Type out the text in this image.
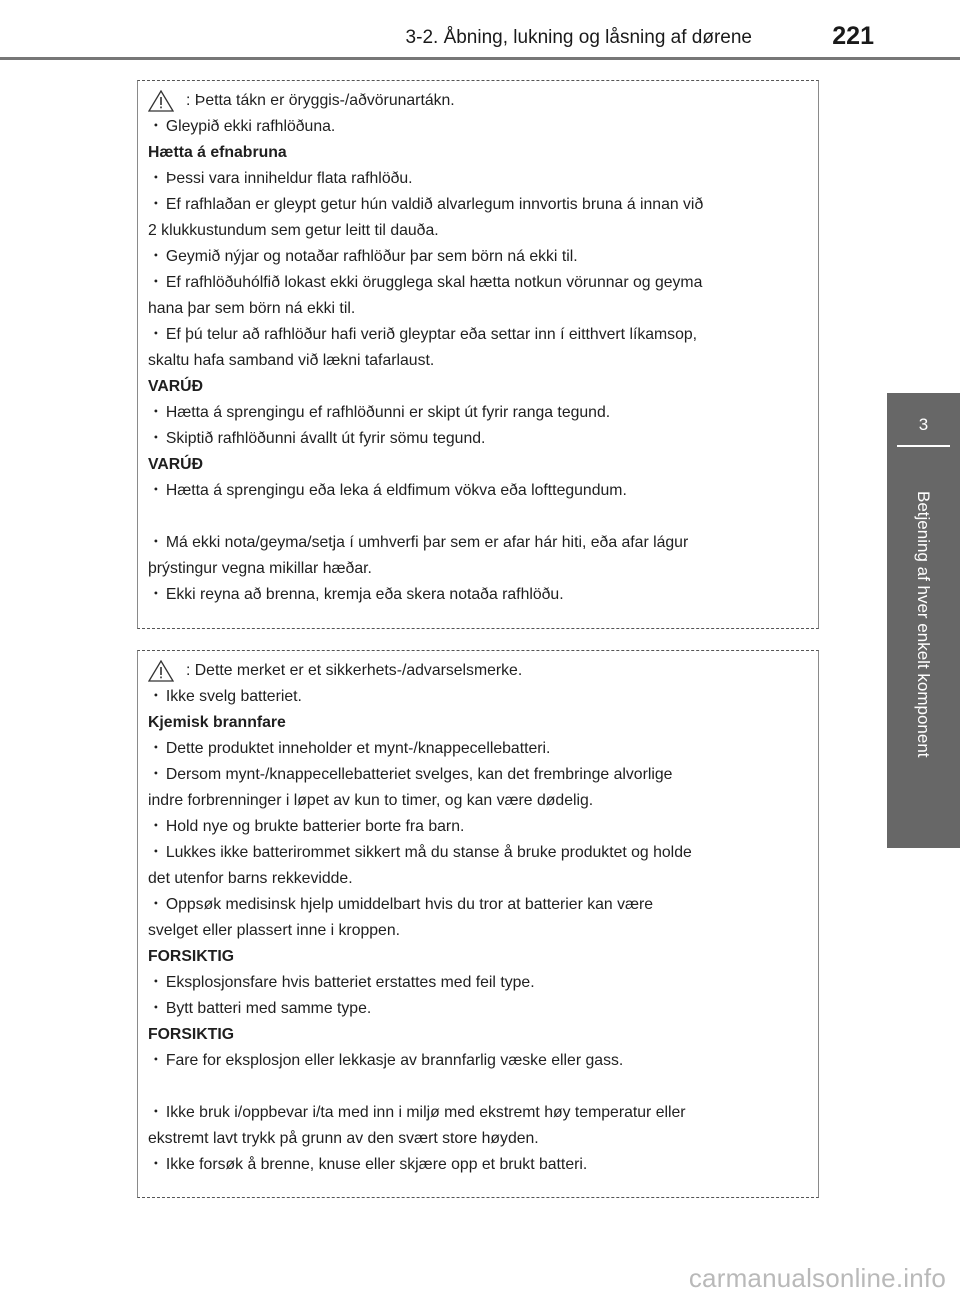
3-2. Åbning, lukning og låsning af dørene	221
3
Betjening af hver enkelt komponent
: Þetta tákn er öryggis-/aðvörunartákn.
・ Gleypið ekki rafhlöðuna.
Hætta á efnabruna
・ Þessi vara inniheldur flata rafhlöðu.
・ Ef rafhlaðan er gleypt getur hún valdið alvarlegum innvortis bruna á innan við
2 klukkustundum sem getur leitt til dauða.
・ Geymið nýjar og notaðar rafhlöður þar sem börn ná ekki til.
・ Ef rafhlöðuhólfið lokast ekki örugglega skal hætta notkun vörunnar og geyma
hana þar sem börn ná ekki til.
・ Ef þú telur að rafhlöður hafi verið gleyptar eða settar inn í eitthvert líkamsop,
skaltu hafa samband við lækni tafarlaust.
VARÚÐ
・ Hætta á sprengingu ef rafhlöðunni er skipt út fyrir ranga tegund.
・ Skiptið rafhlöðunni ávallt út fyrir sömu tegund.
VARÚÐ
・ Hætta á sprengingu eða leka á eldfimum vökva eða lofttegundum.
・ Má ekki nota/geyma/setja í umhverfi þar sem er afar hár hiti, eða afar lágur
þrýstingur vegna mikillar hæðar.
・ Ekki reyna að brenna, kremja eða skera notaða rafhlöðu.
: Dette merket er et sikkerhets-/advarselsmerke.
・ Ikke svelg batteriet.
Kjemisk brannfare
・ Dette produktet inneholder et mynt-/knappecellebatteri.
・ Dersom mynt-/knappecellebatteriet svelges, kan det frembringe alvorlige
indre forbrenninger i løpet av kun to timer, og kan være dødelig.
・ Hold nye og brukte batterier borte fra barn.
・ Lukkes ikke batterirommet sikkert må du stanse å bruke produktet og holde
det utenfor barns rekkevidde.
・ Oppsøk medisinsk hjelp umiddelbart hvis du tror at batterier kan være
svelget eller plassert inne i kroppen.
FORSIKTIG
・ Eksplosjonsfare hvis batteriet erstattes med feil type.
・ Bytt batteri med samme type.
FORSIKTIG
・ Fare for eksplosjon eller lekkasje av brannfarlig væske eller gass.
・ Ikke bruk i/oppbevar i/ta med inn i miljø med ekstremt høy temperatur eller
ekstremt lavt trykk på grunn av den svært store høyden.
・ Ikke forsøk å brenne, knuse eller skjære opp et brukt batteri.
carmanualsonline.info
